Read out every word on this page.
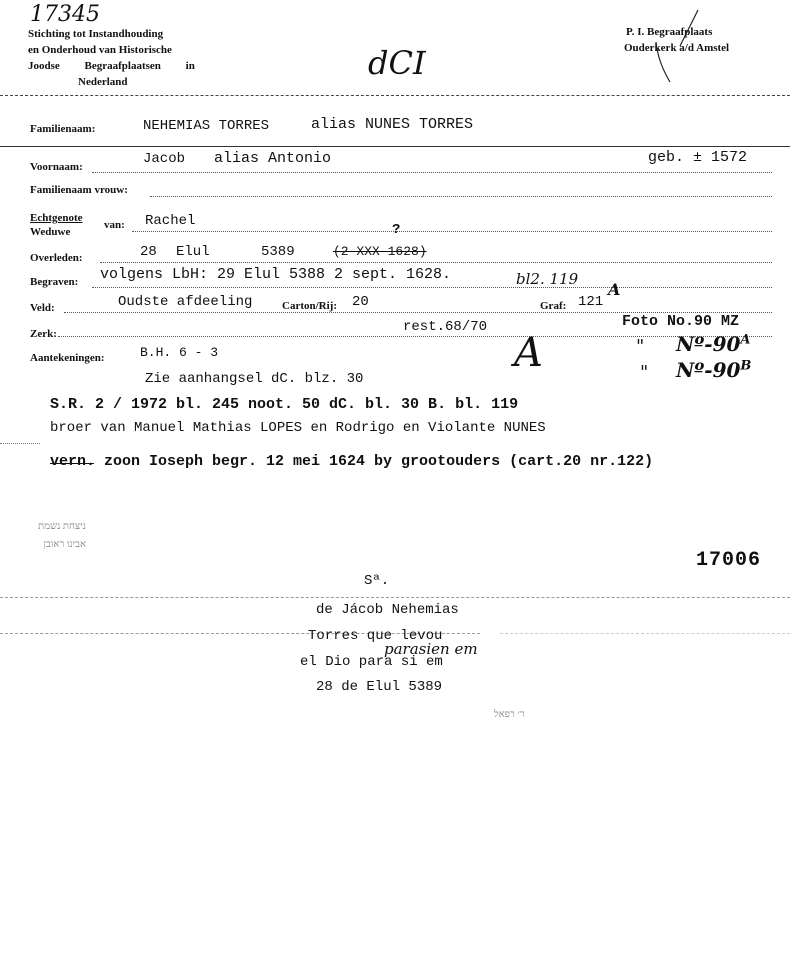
17345
Stichting tot Instandhouding
en Onderhoud van Historische
Joodse Begraafplaatsen in
Nederland	dCI
P. I. Begraafplaats
Ouderkerk a/d Amstel
Familienaam:	NEHEMIAS TORRES	alias NUNES TORRES
Voornaam:	Jacob alias Antonio	geb. ± 1572
Familienaam vrouw:
Echtgenote
Weduwe
van: Rachel
?
Overleden:	28 Elul	5389	(2 XXX 1628)
Begraven: volgens LbH: 29 Elul 5388 2 sept. 1628.	bl2. 119
Veld:	Oudste afdeeling	Carton/Rij: 20	Graf: 121
A
Zerk:	rest.68/70	Foto No.90 MZ
Aantekeningen:	B.H. 6 - 3	A	" $Nº-90^A$
" $Nº-90^B$
Zie aanhangsel dC. blz. 30
S.R. 2 / 1972 bl. 245 noot. 50 dC. bl. 30 B. bl. 119
broer van Manuel Mathias LOPES en Rodrigo en Violante NUNES
vern. zoon Ioseph begr. 12 mei 1624 by grootouders (cart.20 nr.122)
ניצחת נשמת
אבינו ראובן
17006
Sª.
de Jácob Nehemias
Torres que levou
el Dio para si em
parasien em
28 de Elul 5389
ר׳ רפאל
